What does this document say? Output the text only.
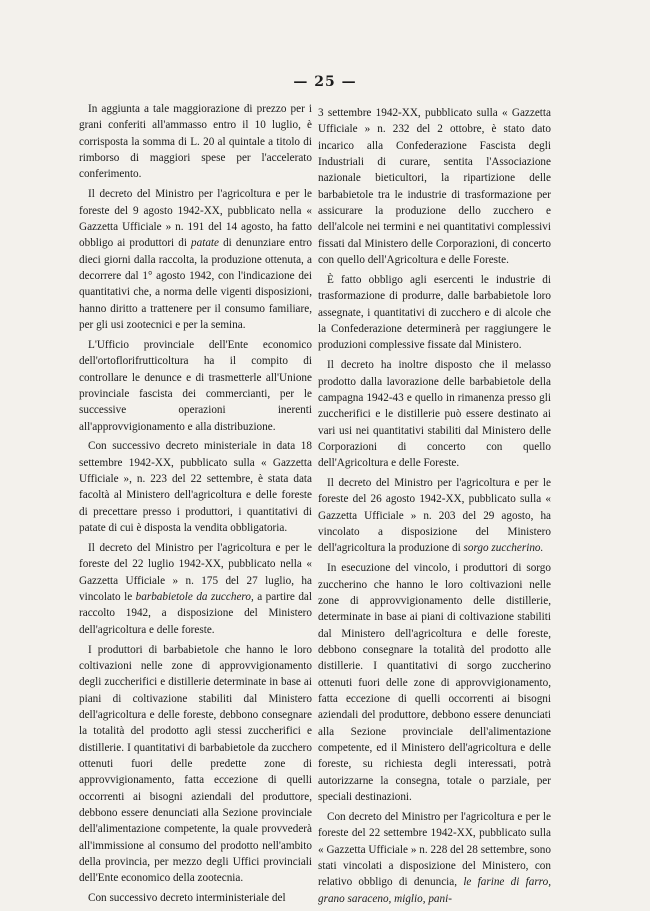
— 25 —

In aggiunta a tale maggiorazione di prezzo per i grani conferiti all'ammasso entro il 10 luglio, è corrisposta la somma di L. 20 al quintale a titolo di rimborso di maggiori spese per l'accelerato conferimento.

Il decreto del Ministro per l'agricoltura e per le foreste del 9 agosto 1942-XX, pubblicato nella « Gazzetta Ufficiale » n. 191 del 14 agosto, ha fatto obbligo ai produttori di patate di denunziare entro dieci giorni dalla raccolta, la produzione ottenuta, a decorrere dal 1° agosto 1942, con l'indicazione dei quantitativi che, a norma delle vigenti disposizioni, hanno diritto a trattenere per il consumo familiare, per gli usi zootecnici e per la semina.

L'Ufficio provinciale dell'Ente economico dell'ortoflorifrutticoltura ha il compito di controllare le denunce e di trasmetterle all'Unione provinciale fascista dei commercianti, per le successive operazioni inerenti all'approvvigionamento e alla distribuzione.

Con successivo decreto ministeriale in data 18 settembre 1942-XX, pubblicato sulla « Gazzetta Ufficiale », n. 223 del 22 settembre, è stata data facoltà al Ministero dell'agricoltura e delle foreste di precettare presso i produttori, i quantitativi di patate di cui è disposta la vendita obbligatoria.

Il decreto del Ministro per l'agricoltura e per le foreste del 22 luglio 1942-XX, pubblicato nella « Gazzetta Ufficiale » n. 175 del 27 luglio, ha vincolato le barbabietole da zucchero, a partire dal raccolto 1942, a disposizione del Ministero dell'agricoltura e delle foreste.

I produttori di barbabietole che hanno le loro coltivazioni nelle zone di approvvigionamento degli zuccherifici e distillerie determinate in base ai piani di coltivazione stabiliti dal Ministero dell'agricoltura e delle foreste, debbono consegnare la totalità del prodotto agli stessi zuccherifici e distillerie. I quantitativi di barbabietole da zucchero ottenuti fuori delle predette zone di approvvigionamento, fatta eccezione di quelli occorrenti ai bisogni aziendali del produttore, debbono essere denunciati alla Sezione provinciale dell'alimentazione competente, la quale provvederà all'immissione al consumo del prodotto nell'ambito della provincia, per mezzo degli Uffici provinciali dell'Ente economico della zootecnia.

Con successivo decreto interministeriale del

3 settembre 1942-XX, pubblicato sulla « Gazzetta Ufficiale » n. 232 del 2 ottobre, è stato dato incarico alla Confederazione Fascista degli Industriali di curare, sentita l'Associazione nazionale bieticultori, la ripartizione delle barbabietole tra le industrie di trasformazione per assicurare la produzione dello zucchero e dell'alcole nei termini e nei quantitativi complessivi fissati dal Ministero delle Corporazioni, di concerto con quello dell'Agricoltura e delle Foreste.

È fatto obbligo agli esercenti le industrie di trasformazione di produrre, dalle barbabietole loro assegnate, i quantitativi di zucchero e di alcole che la Confederazione determinerà per raggiungere le produzioni complessive fissate dal Ministero.

Il decreto ha inoltre disposto che il melasso prodotto dalla lavorazione delle barbabietole della campagna 1942-43 e quello in rimanenza presso gli zuccherifici e le distillerie può essere destinato ai vari usi nei quantitativi stabiliti dal Ministero delle Corporazioni di concerto con quello dell'Agricoltura e delle Foreste.

Il decreto del Ministro per l'agricoltura e per le foreste del 26 agosto 1942-XX, pubblicato sulla « Gazzetta Ufficiale » n. 203 del 29 agosto, ha vincolato a disposizione del Ministero dell'agricoltura la produzione di sorgo zuccherino.

In esecuzione del vincolo, i produttori di sorgo zuccherino che hanno le loro coltivazioni nelle zone di approvvigionamento delle distillerie, determinate in base ai piani di coltivazione stabiliti dal Ministero dell'agricoltura e delle foreste, debbono consegnare la totalità del prodotto alle distillerie. I quantitativi di sorgo zuccherino ottenuti fuori delle zone di approvvigionamento, fatta eccezione di quelli occorrenti ai bisogni aziendali del produttore, debbono essere denunciati alla Sezione provinciale dell'alimentazione competente, ed il Ministero dell'agricoltura e delle foreste, su richiesta degli interessati, potrà autorizzarne la consegna, totale o parziale, per speciali destinazioni.

Con decreto del Ministro per l'agricoltura e per le foreste del 22 settembre 1942-XX, pubblicato sulla « Gazzetta Ufficiale » n. 228 del 28 settembre, sono stati vincolati a disposizione del Ministero, con relativo obbligo di denuncia, le farine di farro, grano saraceno, miglio, pani-
